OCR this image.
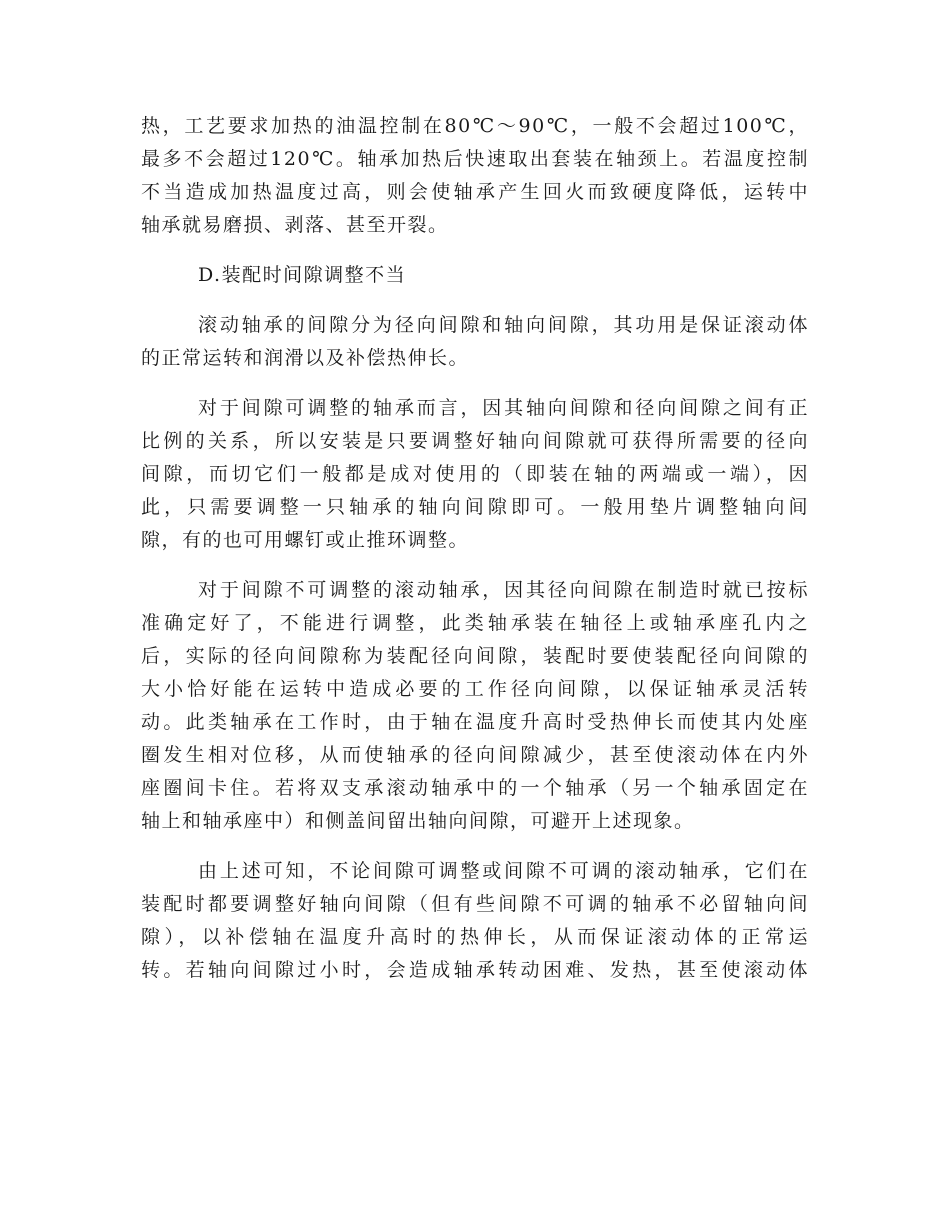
热，工艺要求加热的油温控制在80℃～90℃，一般不会超过100℃，
最多不会超过120℃。轴承加热后快速取出套装在轴颈上。若温度控制
不当造成加热温度过高，则会使轴承产生回火而致硬度降低，运转中
轴承就易磨损、剥落、甚至开裂。

D.装配时间隙调整不当

滚动轴承的间隙分为径向间隙和轴向间隙，其功用是保证滚动体
的正常运转和润滑以及补偿热伸长。

对于间隙可调整的轴承而言，因其轴向间隙和径向间隙之间有正
比例的关系，所以安装是只要调整好轴向间隙就可获得所需要的径向
间隙，而切它们一般都是成对使用的（即装在轴的两端或一端），因
此，只需要调整一只轴承的轴向间隙即可。一般用垫片调整轴向间
隙，有的也可用螺钉或止推环调整。

对于间隙不可调整的滚动轴承，因其径向间隙在制造时就已按标
准确定好了，不能进行调整，此类轴承装在轴径上或轴承座孔内之
后，实际的径向间隙称为装配径向间隙，装配时要使装配径向间隙的
大小恰好能在运转中造成必要的工作径向间隙，以保证轴承灵活转
动。此类轴承在工作时，由于轴在温度升高时受热伸长而使其内处座
圈发生相对位移，从而使轴承的径向间隙减少，甚至使滚动体在内外
座圈间卡住。若将双支承滚动轴承中的一个轴承（另一个轴承固定在
轴上和轴承座中）和侧盖间留出轴向间隙，可避开上述现象。

由上述可知，不论间隙可调整或间隙不可调的滚动轴承，它们在
装配时都要调整好轴向间隙（但有些间隙不可调的轴承不必留轴向间
隙），以补偿轴在温度升高时的热伸长，从而保证滚动体的正常运
转。若轴向间隙过小时，会造成轴承转动困难、发热，甚至使滚动体
